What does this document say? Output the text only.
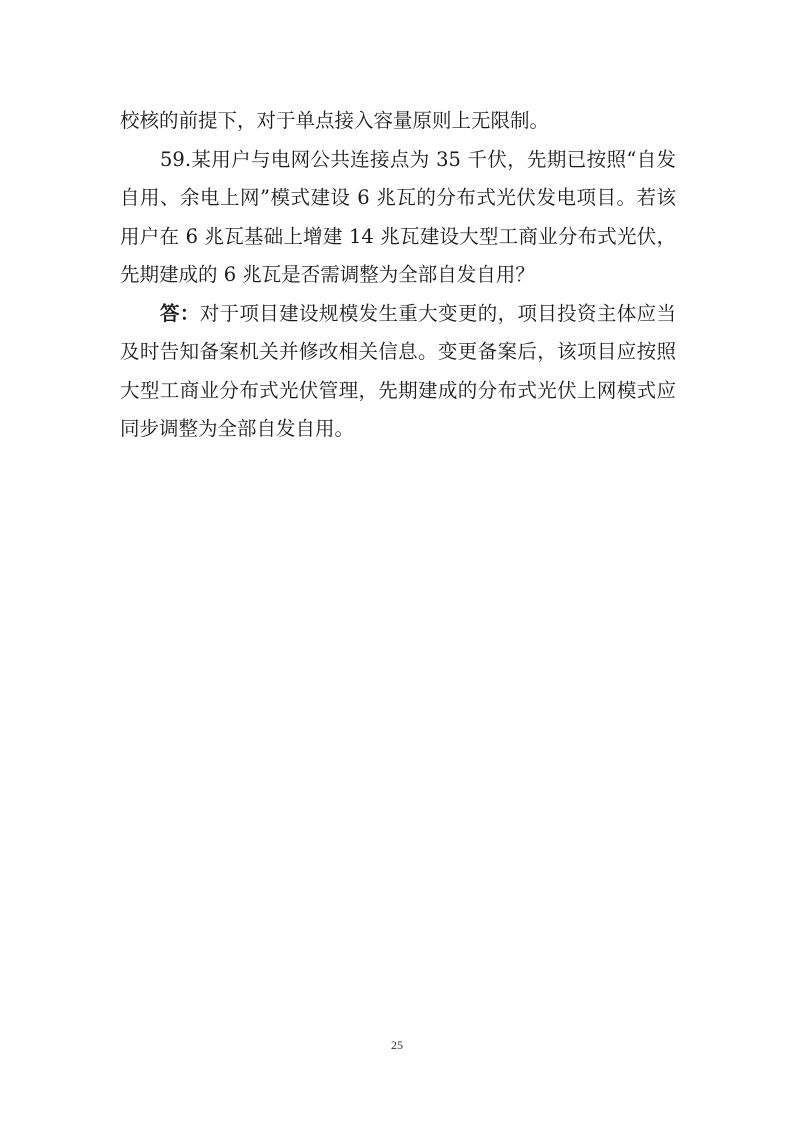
校核的前提下，对于单点接入容量原则上无限制。

59.某用户与电网公共连接点为 35 千伏，先期已按照“自发自用、余电上网”模式建设 6 兆瓦的分布式光伏发电项目。若该用户在 6 兆瓦基础上增建 14 兆瓦建设大型工商业分布式光伏，先期建成的 6 兆瓦是否需调整为全部自发自用？

答：对于项目建设规模发生重大变更的，项目投资主体应当及时告知备案机关并修改相关信息。变更备案后，该项目应按照大型工商业分布式光伏管理，先期建成的分布式光伏上网模式应同步调整为全部自发自用。

25
